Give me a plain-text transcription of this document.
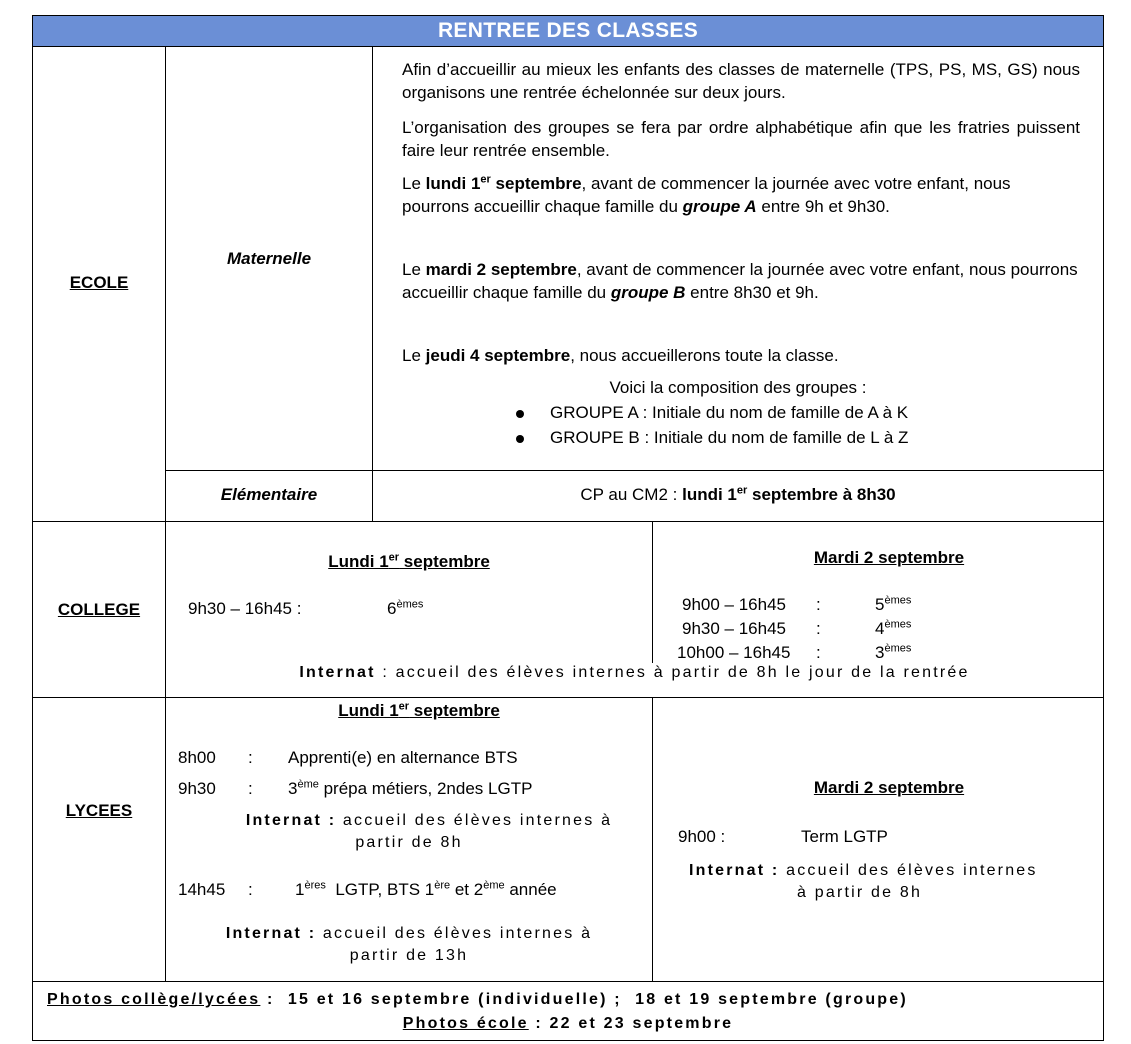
RENTREE DES CLASSES
ECOLE
Maternelle
Afin d’accueillir au mieux les enfants des classes de maternelle (TPS, PS, MS, GS) nous organisons une rentrée échelonnée sur deux jours.
L’organisation des groupes se fera par ordre alphabétique afin que les fratries puissent faire leur rentrée ensemble.
Le lundi 1er septembre, avant de commencer la journée avec votre enfant, nous pourrons accueillir chaque famille du groupe A entre 9h et 9h30.
Le mardi 2 septembre, avant de commencer la journée avec votre enfant, nous pourrons accueillir chaque famille du groupe B entre 8h30 et 9h.
Le jeudi 4 septembre, nous accueillerons toute la classe.
Voici la composition des groupes :
GROUPE A : Initiale du nom de famille de A à K
GROUPE B : Initiale du nom de famille de L à Z
Elémentaire	CP au CM2 : lundi 1er septembre à 8h30
COLLEGE
Lundi 1er septembre
9h30 – 16h45 :	6èmes
Mardi 2 septembre
9h00 – 16h45 :	5èmes
9h30 – 16h45 :	4èmes
10h00 – 16h45 :	3èmes
Internat : accueil des élèves internes à partir de 8h le jour de la rentrée
LYCEES
Lundi 1er septembre
8h00 : Apprenti(e) en alternance BTS
9h30 : 3ème prépa métiers, 2ndes LGTP
Internat : accueil des élèves internes à
partir de 8h
14h45 : 1ères  LGTP, BTS 1ère et 2ème année
Internat : accueil des élèves internes à
partir de 13h
Mardi 2 septembre
9h00 :	Term LGTP
Internat : accueil des élèves internes
à partir de 8h
Photos collège/lycées :  15 et 16 septembre (individuelle) ;  18 et 19 septembre (groupe)
Photos école : 22 et 23 septembre
